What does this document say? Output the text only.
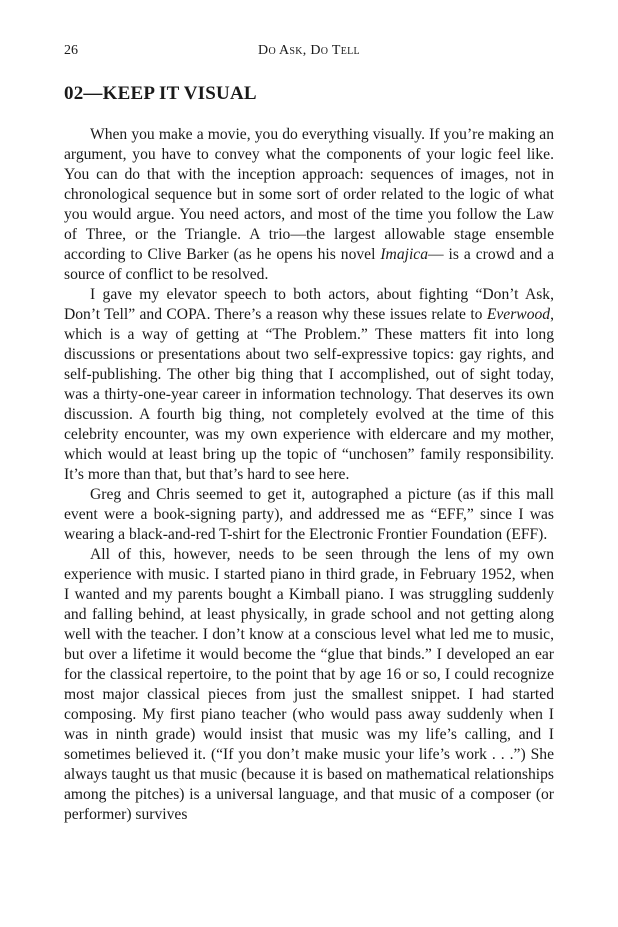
26	Do Ask, Do Tell
02—KEEP IT VISUAL

When you make a movie, you do everything visually. If you’re making an argument, you have to convey what the components of your logic feel like. You can do that with the inception approach: sequences of images, not in chronological sequence but in some sort of order related to the logic of what you would argue. You need actors, and most of the time you follow the Law of Three, or the Triangle. A trio—the largest allowable stage ensemble according to Clive Barker (as he opens his novel Imajica— is a crowd and a source of conflict to be resolved.

I gave my elevator speech to both actors, about fighting “Don’t Ask, Don’t Tell” and COPA. There’s a reason why these issues relate to Everwood, which is a way of getting at “The Problem.” These matters fit into long discussions or presentations about two self-expressive topics: gay rights, and self-publishing. The other big thing that I accomplished, out of sight today, was a thirty-one-year career in information technology. That deserves its own discussion. A fourth big thing, not completely evolved at the time of this celebrity encounter, was my own experience with eldercare and my mother, which would at least bring up the topic of “unchosen” family responsibility. It’s more than that, but that’s hard to see here.

Greg and Chris seemed to get it, autographed a picture (as if this mall event were a book-signing party), and addressed me as “EFF,” since I was wearing a black-and-red T-shirt for the Electronic Frontier Foundation (EFF).

All of this, however, needs to be seen through the lens of my own experience with music. I started piano in third grade, in February 1952, when I wanted and my parents bought a Kimball piano. I was struggling suddenly and falling behind, at least physically, in grade school and not getting along well with the teacher. I don’t know at a conscious level what led me to music, but over a lifetime it would become the “glue that binds.” I developed an ear for the classical repertoire, to the point that by age 16 or so, I could recognize most major classical pieces from just the smallest snippet. I had started composing. My first piano teacher (who would pass away suddenly when I was in ninth grade) would insist that music was my life’s calling, and I sometimes believed it. (“If you don’t make music your life’s work . . .”) She always taught us that music (because it is based on mathematical relationships among the pitches) is a universal language, and that music of a composer (or performer) survives
